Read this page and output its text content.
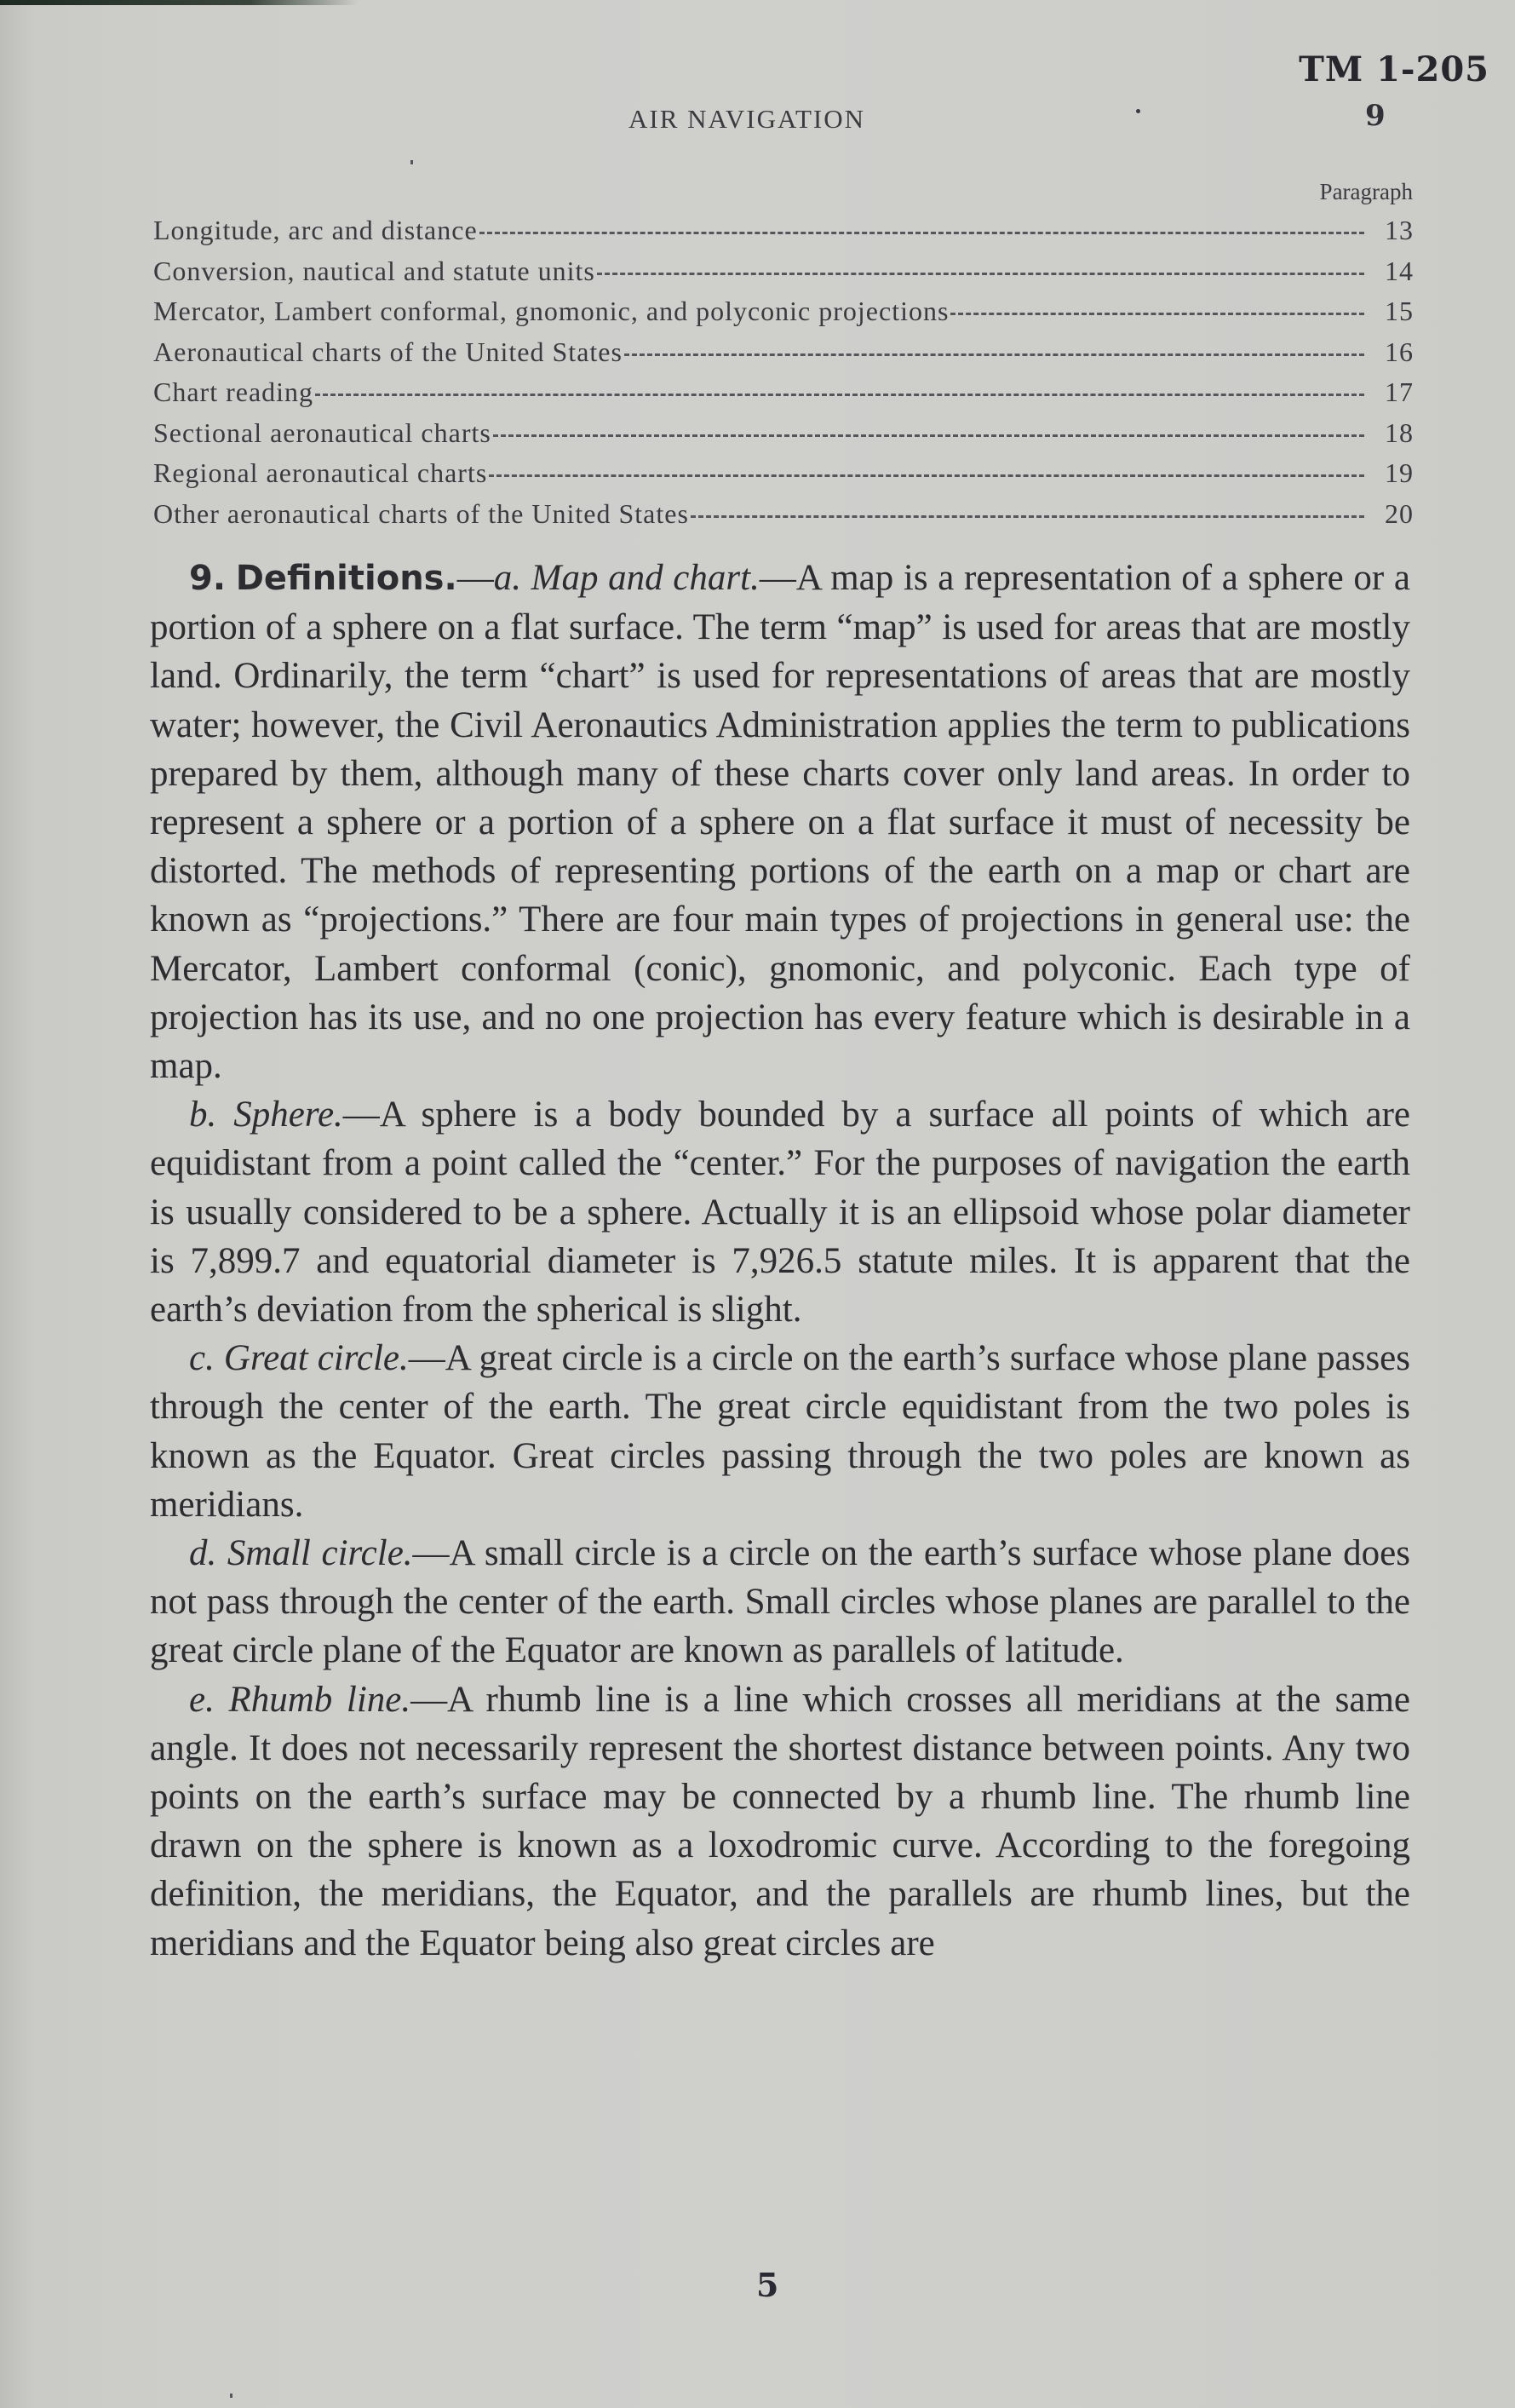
TM 1-205
AIR NAVIGATION	9
Paragraph
Longitude, arc and distance	13
Conversion, nautical and statute units	14
Mercator, Lambert conformal, gnomonic, and polyconic projections	15
Aeronautical charts of the United States	16
Chart reading	17
Sectional aeronautical charts	18
Regional aeronautical charts	19
Other aeronautical charts of the United States	20

9. Definitions.—a. Map and chart.—A map is a representation of a sphere or a portion of a sphere on a flat surface. The term “map” is used for areas that are mostly land. Ordinarily, the term “chart” is used for representations of areas that are mostly water; however, the Civil Aeronautics Administration applies the term to publications prepared by them, although many of these charts cover only land areas. In order to represent a sphere or a portion of a sphere on a flat surface it must of necessity be distorted. The methods of representing portions of the earth on a map or chart are known as “projections.” There are four main types of projections in general use: the Mercator, Lambert conformal (conic), gnomonic, and polyconic. Each type of projection has its use, and no one projection has every feature which is desirable in a map.

b. Sphere.—A sphere is a body bounded by a surface all points of which are equidistant from a point called the “center.” For the purposes of navigation the earth is usually considered to be a sphere. Actually it is an ellipsoid whose polar diameter is 7,899.7 and equatorial diameter is 7,926.5 statute miles. It is apparent that the earth’s deviation from the spherical is slight.

c. Great circle.—A great circle is a circle on the earth’s surface whose plane passes through the center of the earth. The great circle equidistant from the two poles is known as the Equator. Great circles passing through the two poles are known as meridians.

d. Small circle.—A small circle is a circle on the earth’s surface whose plane does not pass through the center of the earth. Small circles whose planes are parallel to the great circle plane of the Equator are known as parallels of latitude.

e. Rhumb line.—A rhumb line is a line which crosses all meridians at the same angle. It does not necessarily represent the shortest distance between points. Any two points on the earth’s surface may be connected by a rhumb line. The rhumb line drawn on the sphere is known as a loxodromic curve. According to the foregoing definition, the meridians, the Equator, and the parallels are rhumb lines, but the meridians and the Equator being also great circles are

5
